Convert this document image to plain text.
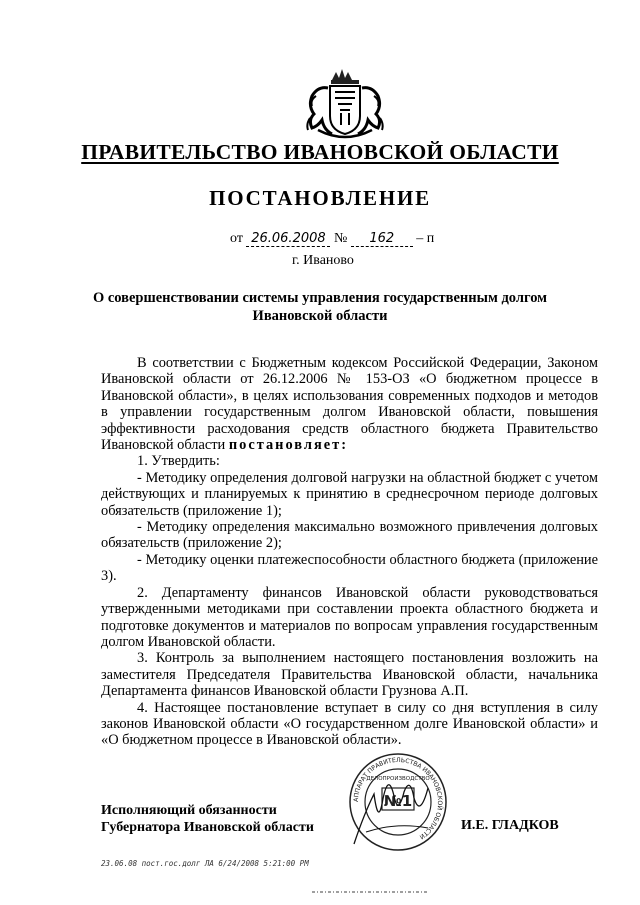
ПРАВИТЕЛЬСТВО ИВАНОВСКОЙ ОБЛАСТИ
ПОСТАНОВЛЕНИЕ
от 26.06.2008 № 162 – п
г. Иваново
О совершенствовании системы управления государственным долгом
Ивановской области

В соответствии с Бюджетным кодексом Российской Федерации, Законом Ивановской области от 26.12.2006 № 153-ОЗ «О бюджетном процессе в Ивановской области», в целях использования современных подходов и методов в управлении государственным долгом Ивановской области, повышения эффективности расходования средств областного бюджета Правительство Ивановской области постановляет:

1. Утвердить:

- Методику определения долговой нагрузки на областной бюджет с учетом действующих и планируемых к принятию в среднесрочном периоде долговых обязательств (приложение 1);

- Методику определения максимально возможного привлечения долговых обязательств (приложение 2);

- Методику оценки платежеспособности областного бюджета (приложение 3).

2. Департаменту финансов Ивановской области руководствоваться утвержденными методиками при составлении проекта областного бюджета и подготовке документов и материалов по вопросам управления государственным долгом Ивановской области.

3. Контроль за выполнением настоящего постановления возложить на заместителя Председателя Правительства Ивановской области, начальника Департамента финансов Ивановской области Грузнова А.П.

4. Настоящее постановление вступает в силу со дня вступления в силу законов Ивановской области «О государственном долге Ивановской области» и «О бюджетном процессе в Ивановской области».

Исполняющий обязанности
Губернатора Ивановской области
АППАРАТ ПРАВИТЕЛЬСТВА ИВАНОВСКОЙ ОБЛАСТИ
ДЕЛОПРОИЗВОДСТВО
№1
И.Е. ГЛАДКОВ
23.06.08 пост.гос.долг ЛА 6/24/2008 5:21:00 PM
